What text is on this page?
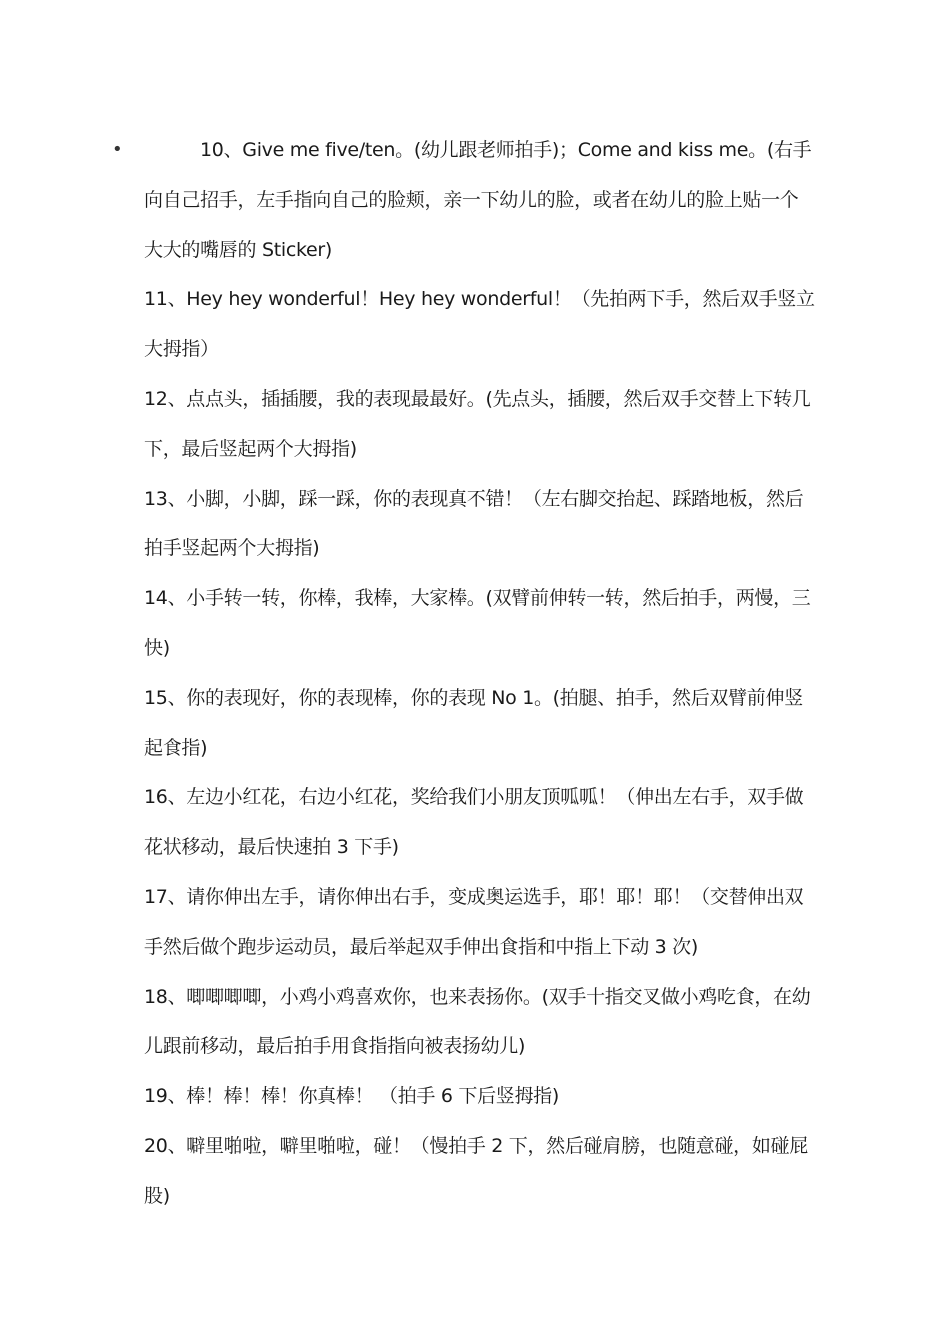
•	10、Give me five/ten。(幼儿跟老师拍手)；Come and kiss me。(右手向自己招手，左手指向自己的脸颊，亲一下幼儿的脸，或者在幼儿的脸上贴一个大大的嘴唇的 Sticker)

11、Hey hey wonderful！Hey hey wonderful！（先拍两下手，然后双手竖立大拇指）

12、点点头，插插腰，我的表现最最好。(先点头，插腰，然后双手交替上下转几下，最后竖起两个大拇指)

13、小脚，小脚，踩一踩，你的表现真不错！（左右脚交抬起、踩踏地板，然后拍手竖起两个大拇指)

14、小手转一转，你棒，我棒，大家棒。(双臂前伸转一转，然后拍手，两慢，三快)

15、你的表现好，你的表现棒，你的表现 No 1。(拍腿、拍手，然后双臂前伸竖起食指)

16、左边小红花，右边小红花，奖给我们小朋友顶呱呱！（伸出左右手，双手做花状移动，最后快速拍 3 下手)

17、请你伸出左手，请你伸出右手，变成奥运选手，耶！耶！耶！（交替伸出双手然后做个跑步运动员，最后举起双手伸出食指和中指上下动 3 次)

18、唧唧唧唧，小鸡小鸡喜欢你，也来表扬你。(双手十指交叉做小鸡吃食，在幼儿跟前移动，最后拍手用食指指向被表扬幼儿)

19、棒！棒！棒！你真棒！ （拍手 6 下后竖拇指)

20、噼里啪啦，噼里啪啦，碰！（慢拍手 2 下，然后碰肩膀，也随意碰，如碰屁股)
